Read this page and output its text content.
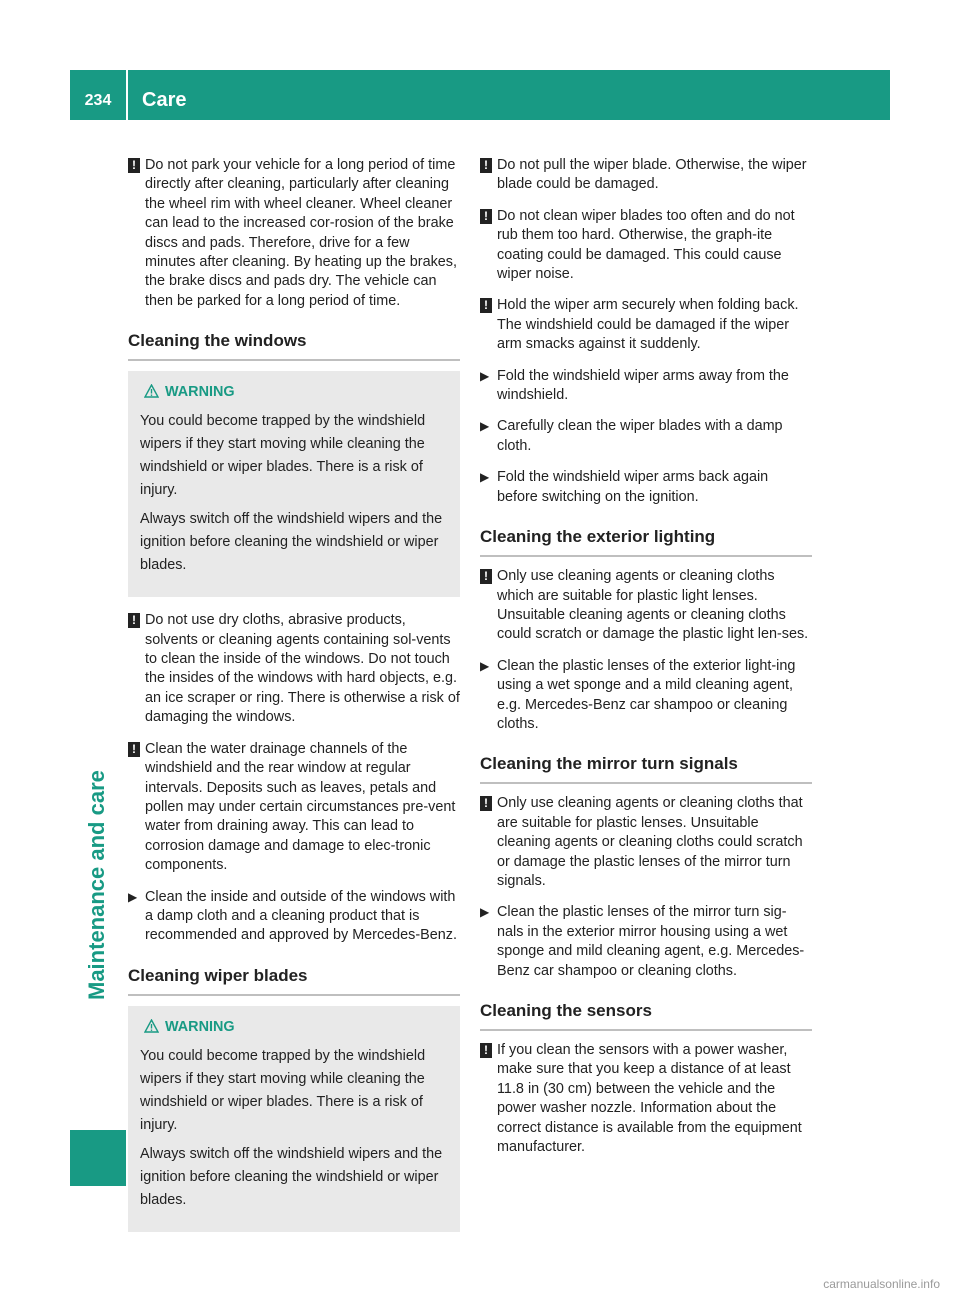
234	Care
Maintenance and care
! Do not park your vehicle for a long period of time directly after cleaning, particularly after cleaning the wheel rim with wheel cleaner. Wheel cleaner can lead to the increased cor-rosion of the brake discs and pads. Therefore, drive for a few minutes after cleaning. By heating up the brakes, the brake discs and pads dry. The vehicle can then be parked for a long period of time.
Cleaning the windows
WARNING
You could become trapped by the windshield wipers if they start moving while cleaning the windshield or wiper blades. There is a risk of injury.
Always switch off the windshield wipers and the ignition before cleaning the windshield or wiper blades.
! Do not use dry cloths, abrasive products, solvents or cleaning agents containing sol-vents to clean the inside of the windows. Do not touch the insides of the windows with hard objects, e.g. an ice scraper or ring. There is otherwise a risk of damaging the windows.
! Clean the water drainage channels of the windshield and the rear window at regular intervals. Deposits such as leaves, petals and pollen may under certain circumstances pre-vent water from draining away. This can lead to corrosion damage and damage to elec-tronic components.
▶ Clean the inside and outside of the windows with a damp cloth and a cleaning product that is recommended and approved by Mercedes-Benz.
Cleaning wiper blades
WARNING
You could become trapped by the windshield wipers if they start moving while cleaning the windshield or wiper blades. There is a risk of injury.
Always switch off the windshield wipers and the ignition before cleaning the windshield or wiper blades.
! Do not pull the wiper blade. Otherwise, the wiper blade could be damaged.
! Do not clean wiper blades too often and do not rub them too hard. Otherwise, the graph-ite coating could be damaged. This could cause wiper noise.
! Hold the wiper arm securely when folding back. The windshield could be damaged if the wiper arm smacks against it suddenly.
▶ Fold the windshield wiper arms away from the windshield.
▶ Carefully clean the wiper blades with a damp cloth.
▶ Fold the windshield wiper arms back again before switching on the ignition.
Cleaning the exterior lighting
! Only use cleaning agents or cleaning cloths which are suitable for plastic light lenses. Unsuitable cleaning agents or cleaning cloths could scratch or damage the plastic light len-ses.
▶ Clean the plastic lenses of the exterior light-ing using a wet sponge and a mild cleaning agent, e.g. Mercedes-Benz car shampoo or cleaning cloths.
Cleaning the mirror turn signals
! Only use cleaning agents or cleaning cloths that are suitable for plastic lenses. Unsuitable cleaning agents or cleaning cloths could scratch or damage the plastic lenses of the mirror turn signals.
▶ Clean the plastic lenses of the mirror turn sig-nals in the exterior mirror housing using a wet sponge and mild cleaning agent, e.g. Mercedes-Benz car shampoo or cleaning cloths.
Cleaning the sensors
! If you clean the sensors with a power washer, make sure that you keep a distance of at least 11.8 in (30 cm) between the vehicle and the power washer nozzle. Information about the correct distance is available from the equipment manufacturer.
carmanualsonline.info
